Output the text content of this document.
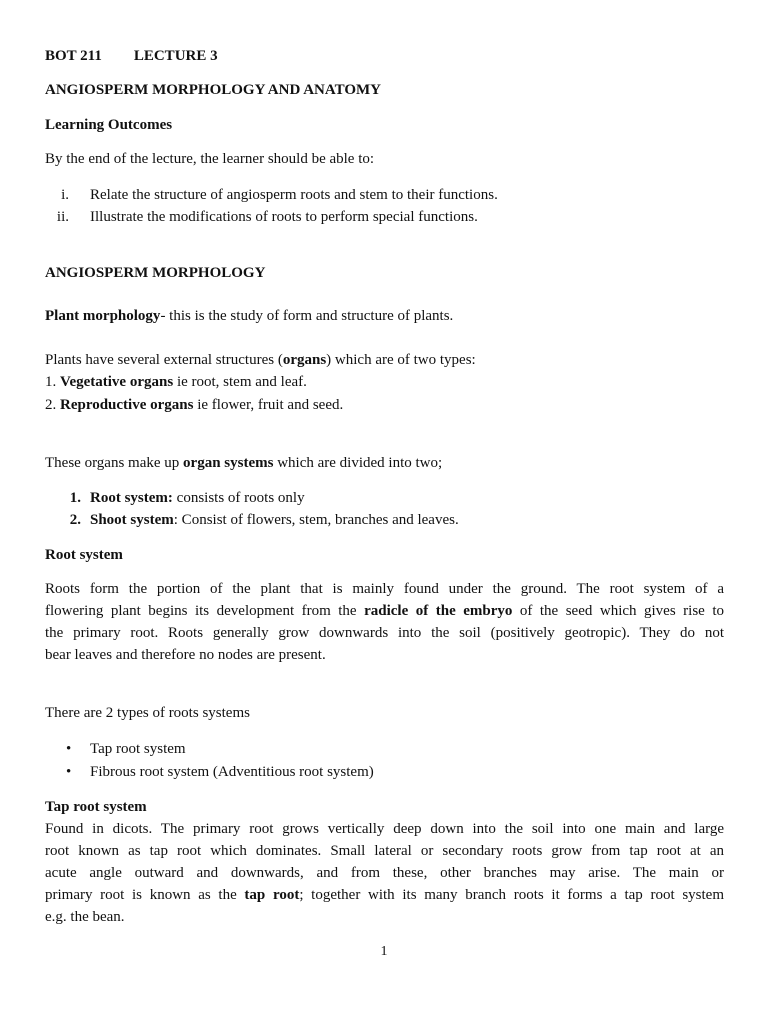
BOT 211 LECTURE 3
ANGIOSPERM MORPHOLOGY AND ANATOMY
Learning Outcomes
By the end of the lecture, the learner should be able to:
i. Relate the structure of angiosperm roots and stem to their functions.
ii. Illustrate the modifications of roots to perform special functions.
ANGIOSPERM MORPHOLOGY
Plant morphology- this is the study of form and structure of plants.
Plants have several external structures (organs) which are of two types:
1. Vegetative organs ie root, stem and leaf.
2. Reproductive organs ie flower, fruit and seed.
These organs make up organ systems which are divided into two;
1. Root system: consists of roots only
2. Shoot system: Consist of flowers, stem, branches and leaves.
Root system
Roots form the portion of the plant that is mainly found under the ground. The root system of a
flowering plant begins its development from the radicle of the embryo of the seed which gives rise to
the primary root. Roots generally grow downwards into the soil (positively geotropic). They do not
bear leaves and therefore no nodes are present.
There are 2 types of roots systems
• Tap root system
• Fibrous root system (Adventitious root system)
Tap root system
Found in dicots. The primary root grows vertically deep down into the soil into one main and large
root known as tap root which dominates. Small lateral or secondary roots grow from tap root at an
acute angle outward and downwards, and from these, other branches may arise. The main or
primary root is known as the tap root; together with its many branch roots it forms a tap root system
e.g. the bean.
1
